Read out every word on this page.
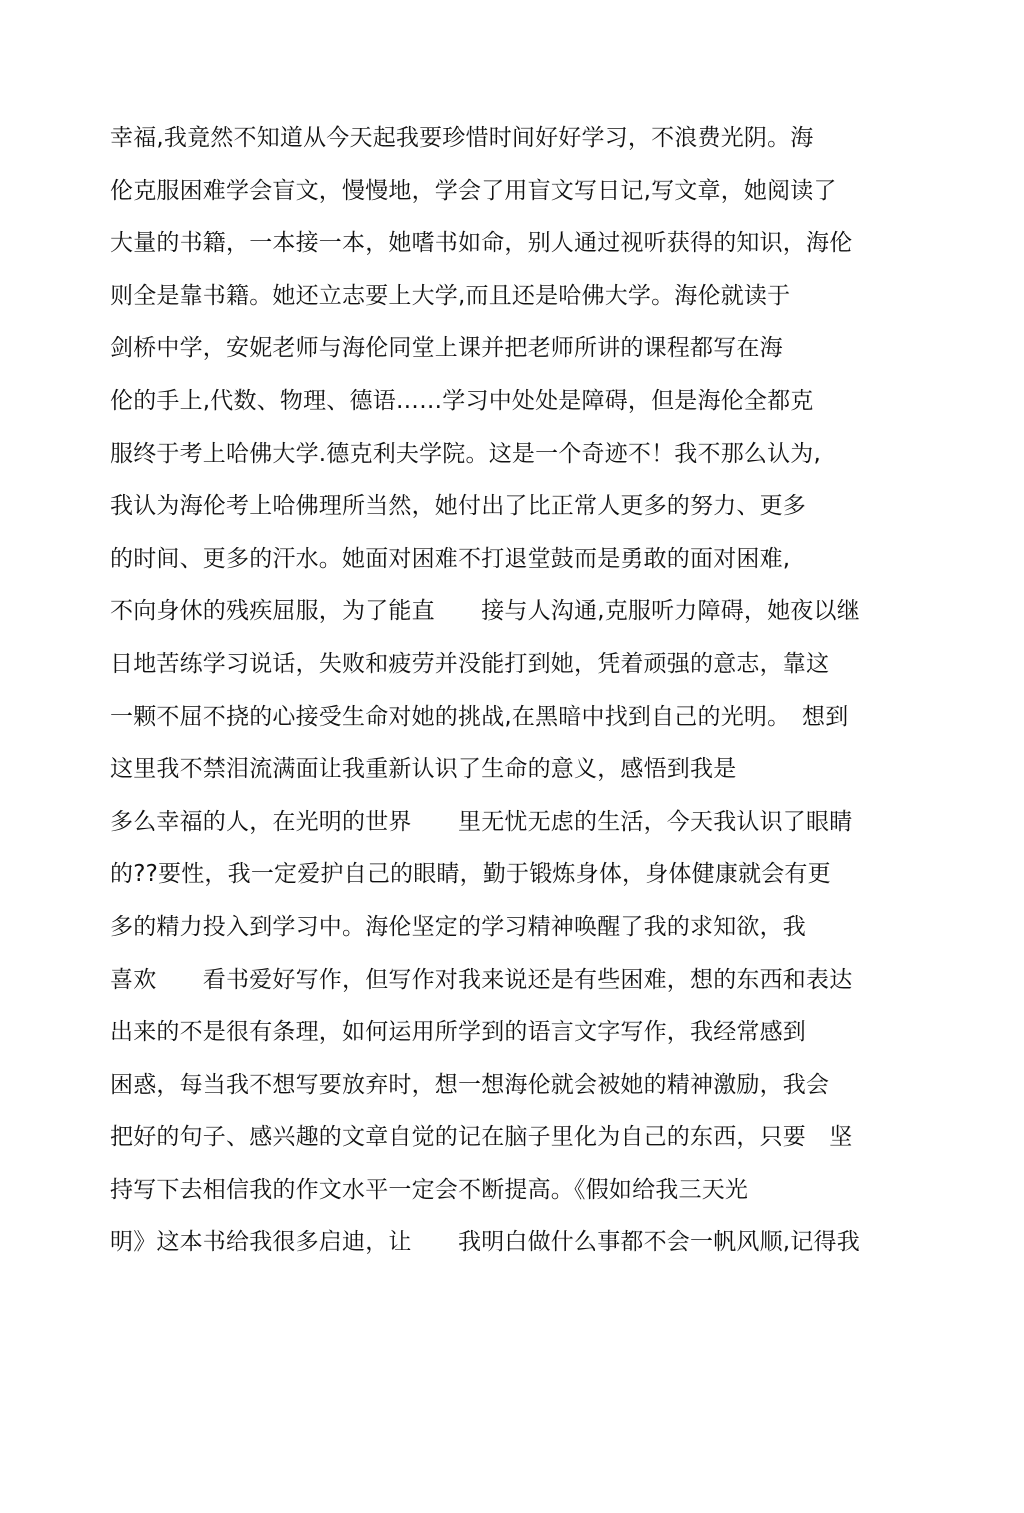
幸福,我竟然不知道从今天起我要珍惜时间好好学习，不浪费光阴。海
伦克服困难学会盲文，慢慢地，学会了用盲文写日记,写文章，她阅读了
大量的书籍，一本接一本，她嗜书如命，别人通过视听获得的知识，海伦
则全是靠书籍。她还立志要上大学,而且还是哈佛大学。海伦就读于
剑桥中学，安妮老师与海伦同堂上课并把老师所讲的课程都写在海
伦的手上,代数、物理、德语……学习中处处是障碍，但是海伦全都克
服终于考上哈佛大学.德克利夫学院。这是一个奇迹不！我不那么认为,
我认为海伦考上哈佛理所当然，她付出了比正常人更多的努力、更多
的时间、更多的汗水。她面对困难不打退堂鼓而是勇敢的面对困难,
不向身休的残疾屈服，为了能直　　接与人沟通,克服听力障碍，她夜以继
日地苦练学习说话，失败和疲劳并没能打到她，凭着顽强的意志，靠这
一颗不屈不挠的心接受生命对她的挑战,在黑暗中找到自己的光明。　想到
这里我不禁泪流满面让我重新认识了生命的意义，感悟到我是
多么幸福的人，在光明的世界　　里无忧无虑的生活，今天我认识了眼睛
的??要性，我一定爱护自己的眼睛，勤于锻炼身体，身体健康就会有更
多的精力投入到学习中。海伦坚定的学习精神唤醒了我的求知欲，我
喜欢　　看书爱好写作，但写作对我来说还是有些困难，想的东西和表达
出来的不是很有条理，如何运用所学到的语言文字写作，我经常感到
困惑，每当我不想写要放弃时，想一想海伦就会被她的精神激励，我会
把好的句子、感兴趣的文章自觉的记在脑子里化为自己的东西，只要　坚
持写下去相信我的作文水平一定会不断提高。《假如给我三天光
明》这本书给我很多启迪，让　　我明白做什么事都不会一帆风顺,记得我
